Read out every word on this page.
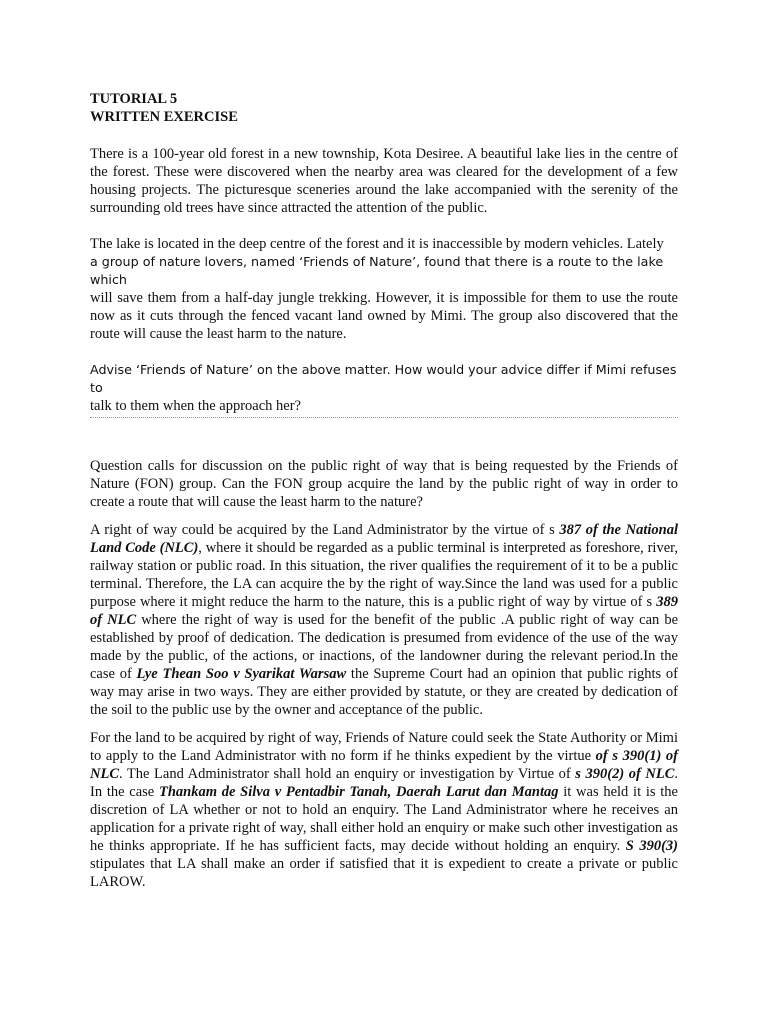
TUTORIAL 5
WRITTEN EXERCISE

There is a 100-year old forest in a new township, Kota Desiree. A beautiful lake lies in the centre of the forest. These were discovered when the nearby area was cleared for the development of a few housing projects. The picturesque sceneries around the lake accompanied with the serenity of the surrounding old trees have since attracted the attention of the public.

The lake is located in the deep centre of the forest and it is inaccessible by modern vehicles. Lately

a group of nature lovers, named ‘Friends of Nature’, found that there is a route to the lake which

will save them from a half-day jungle trekking. However, it is impossible for them to use the route now as it cuts through the fenced vacant land owned by Mimi. The group also discovered that the route will cause the least harm to the nature.

Advise ‘Friends of Nature’ on the above matter. How would your advice differ if Mimi refuses to

talk to them when the approach her?

Question calls for discussion on the public right of way that is being requested by the Friends of Nature (FON) group. Can the FON group acquire the land by the public right of way in order to create a route that will cause the least harm to the nature?

A right of way could be acquired by the Land Administrator by the virtue of s 387 of the National Land Code (NLC), where it should be regarded as a public terminal is interpreted as foreshore, river, railway station or public road. In this situation, the river qualifies the requirement of it to be a public terminal. Therefore, the LA can acquire the by the right of way.Since the land was used for a public purpose where it might reduce the harm to the nature, this is a public right of way by virtue of s 389 of NLC where the right of way is used for the benefit of the public .A public right of way can be established by proof of dedication. The dedication is presumed from evidence of the use of the way made by the public, of the actions, or inactions, of the landowner during the relevant period.In the case of Lye Thean Soo v Syarikat Warsaw the Supreme Court had an opinion that public rights of way may arise in two ways. They are either provided by statute, or they are created by dedication of the soil to the public use by the owner and acceptance of the public.

For the land to be acquired by right of way, Friends of Nature could seek the State Authority or Mimi to apply to the Land Administrator with no form if he thinks expedient by the virtue of s 390(1) of NLC. The Land Administrator shall hold an enquiry or investigation by Virtue of s 390(2) of NLC. In the case Thankam de Silva v Pentadbir Tanah, Daerah Larut dan Mantag it was held it is the discretion of LA whether or not to hold an enquiry. The Land Administrator where he receives an application for a private right of way, shall either hold an enquiry or make such other investigation as he thinks appropriate. If he has sufficient facts, may decide without holding an enquiry. S 390(3) stipulates that LA shall make an order if satisfied that it is expedient to create a private or public LAROW.
